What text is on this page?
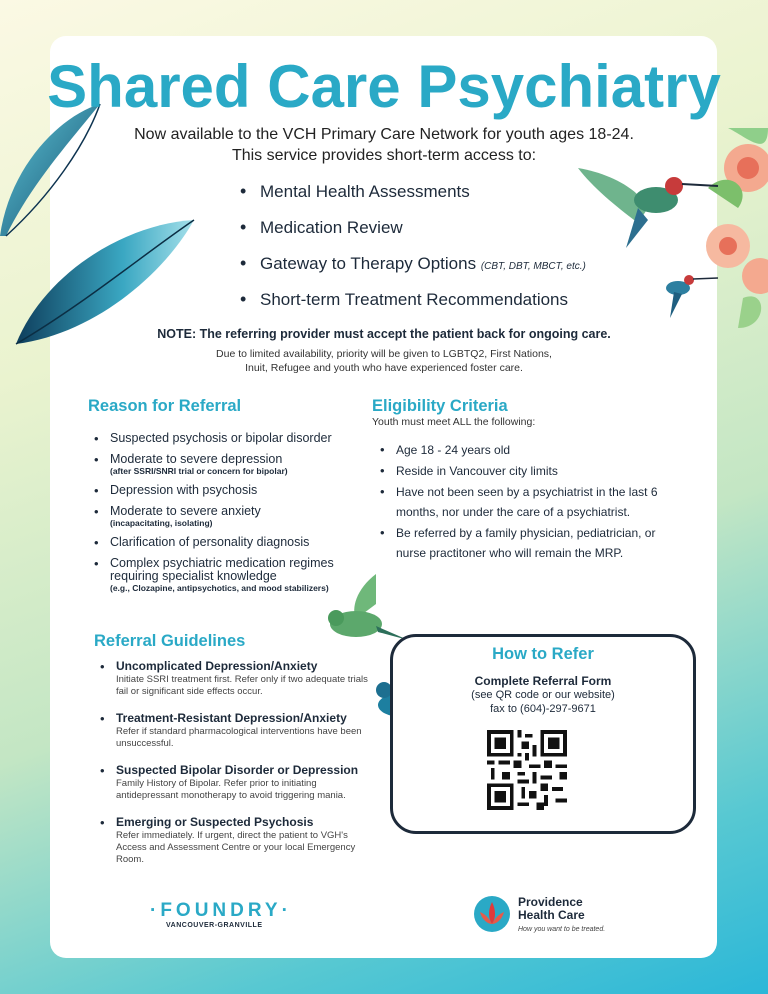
Shared Care Psychiatry
Now available to the VCH Primary Care Network for youth ages 18-24.
This service provides short-term access to:
• Mental Health Assessments
• Medication Review
• Gateway to Therapy Options (CBT, DBT, MBCT, etc.)
• Short-term Treatment Recommendations
NOTE: The referring provider must accept the patient back for ongoing care.
Due to limited availability, priority will be given to LGBTQ2, First Nations,
Inuit, Refugee and youth who have experienced foster care.
Reason for Referral
• Suspected psychosis or bipolar disorder
• Moderate to severe depression
(after SSRI/SNRI trial or concern for bipolar)
• Depression with psychosis
• Moderate to severe anxiety
(incapacitating, isolating)
• Clarification of personality diagnosis
• Complex psychiatric medication regimes requiring specialist knowledge
(e.g., Clozapine, antipsychotics, and mood stabilizers)
Eligibility Criteria
Youth must meet ALL the following:
• Age 18 - 24 years old
• Reside in Vancouver city limits
• Have not been seen by a psychiatrist in the last 6 months, nor under the care of a psychiatrist.
• Be referred by a family physician, pediatrician, or nurse practitoner who will remain the MRP.
Referral Guidelines
• Uncomplicated Depression/Anxiety
Initiate SSRI treatment first. Refer only if two adequate trials fail or significant side effects occur.
• Treatment-Resistant Depression/Anxiety
Refer if standard pharmacological interventions have been unsuccessful.
• Suspected Bipolar Disorder or Depression
Family History of Bipolar. Refer prior to initiating antidepressant monotherapy to avoid triggering mania.
• Emerging or Suspected Psychosis
Refer immediately. If urgent, direct the patient to VGH's Access and Assessment Centre or your local Emergency Room.
How to Refer
Complete Referral Form
(see QR code or our website)
fax to (604)-297-9671
·FOUNDRY·
VANCOUVER-GRANVILLE
Providence
Health Care
How you want to be treated.
